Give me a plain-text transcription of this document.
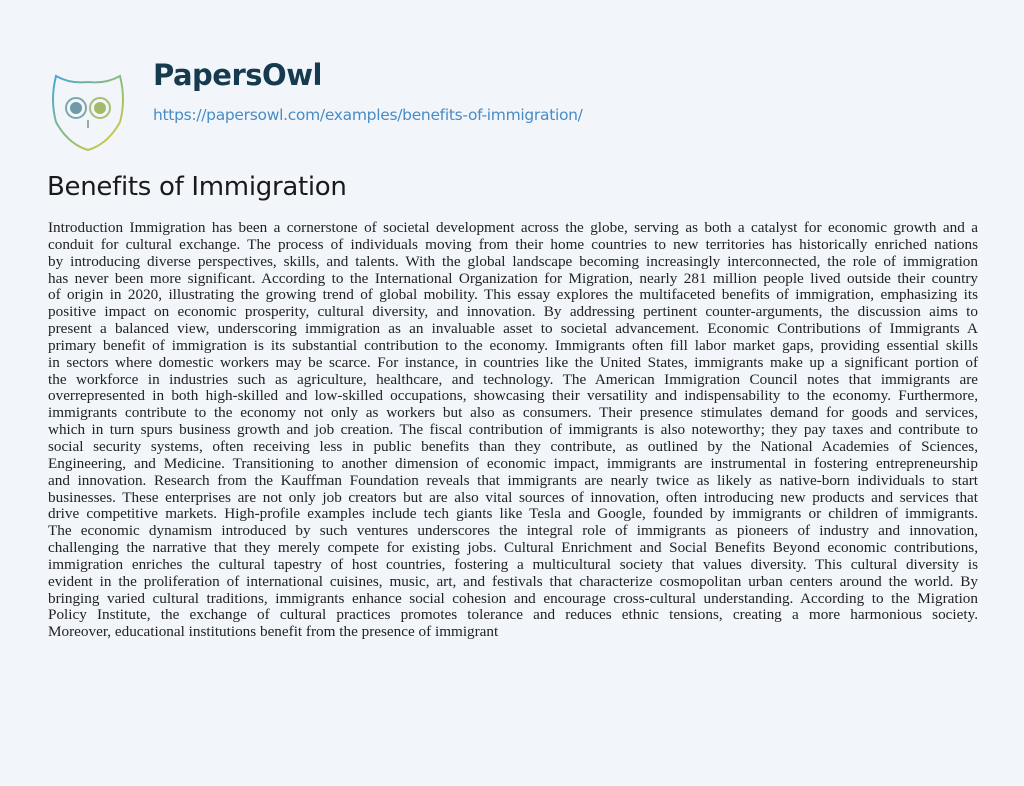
PapersOwl
https://papersowl.com/examples/benefits-of-immigration/
Benefits of Immigration
Introduction Immigration has been a cornerstone of societal development across the globe, serving as both a catalyst for economic growth and a
conduit for cultural exchange. The process of individuals moving from their home countries to new territories has historically enriched nations
by introducing diverse perspectives, skills, and talents. With the global landscape becoming increasingly interconnected, the role of immigration
has never been more significant. According to the International Organization for Migration, nearly 281 million people lived outside their country
of origin in 2020, illustrating the growing trend of global mobility. This essay explores the multifaceted benefits of immigration, emphasizing its
positive impact on economic prosperity, cultural diversity, and innovation. By addressing pertinent counter-arguments, the discussion aims to
present a balanced view, underscoring immigration as an invaluable asset to societal advancement. Economic Contributions of Immigrants A
primary benefit of immigration is its substantial contribution to the economy. Immigrants often fill labor market gaps, providing essential skills
in sectors where domestic workers may be scarce. For instance, in countries like the United States, immigrants make up a significant portion of
the workforce in industries such as agriculture, healthcare, and technology. The American Immigration Council notes that immigrants are
overrepresented in both high-skilled and low-skilled occupations, showcasing their versatility and indispensability to the economy. Furthermore,
immigrants contribute to the economy not only as workers but also as consumers. Their presence stimulates demand for goods and services,
which in turn spurs business growth and job creation. The fiscal contribution of immigrants is also noteworthy; they pay taxes and contribute to
social security systems, often receiving less in public benefits than they contribute, as outlined by the National Academies of Sciences,
Engineering, and Medicine. Transitioning to another dimension of economic impact, immigrants are instrumental in fostering entrepreneurship
and innovation. Research from the Kauffman Foundation reveals that immigrants are nearly twice as likely as native-born individuals to start
businesses. These enterprises are not only job creators but are also vital sources of innovation, often introducing new products and services that
drive competitive markets. High-profile examples include tech giants like Tesla and Google, founded by immigrants or children of immigrants.
The economic dynamism introduced by such ventures underscores the integral role of immigrants as pioneers of industry and innovation,
challenging the narrative that they merely compete for existing jobs. Cultural Enrichment and Social Benefits Beyond economic contributions,
immigration enriches the cultural tapestry of host countries, fostering a multicultural society that values diversity. This cultural diversity is
evident in the proliferation of international cuisines, music, art, and festivals that characterize cosmopolitan urban centers around the world. By
bringing varied cultural traditions, immigrants enhance social cohesion and encourage cross-cultural understanding. According to the Migration
Policy Institute, the exchange of cultural practices promotes tolerance and reduces ethnic tensions, creating a more harmonious society.
Moreover, educational institutions benefit from the presence of immigrant
